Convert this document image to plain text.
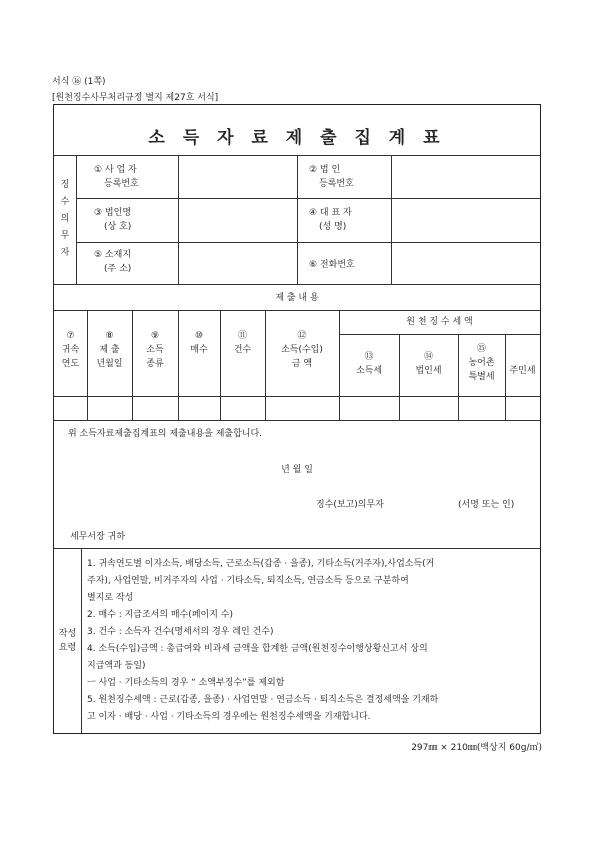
서식 ⑯ (1쪽)
[원천징수사무처리규정 별지 제27호 서식]
소 득 자 료 제 출 집 계 표
징
수
의
무
자
① 사 업 자
등록번호
② 법 인
등록번호
③ 법인명
(상 호)
④ 대 표 자
(성 명)
⑤ 소재지
(주 소)	⑥ 전화번호
제 출 내 용
원 천 징 수 세 액
⑦
귀속
연도
⑧
제 출
년월일
⑨
소득
종류
⑩
매수
⑪
건수
⑫
소득(수입)
금 액
⑬
소득세
⑭
법인세
⑮
농어촌
특별세
주민세
위 소득자료제출집계표의 제출내용을 제출합니다.
년 월 일
징수(보고)의무자	(서명 또는 인)
세무서장 귀하
작성
요령
1. 귀속연도별 이자소득, 배당소득, 근로소득(갑종 · 을종), 기타소득(거주자),사업소득(거
주자), 사업연말, 비거주자의 사업 · 기타소득, 퇴직소득, 연금소득 등으로 구분하여
별지로 작성
2. 매수 : 지급조서의 매수(페이지 수)
3. 건수 : 소득자 건수(명세서의 경우 레인 건수)
4. 소득(수입)금액 : 총급여와 비과세 금액을 합계한 금액(원천징수이행상황신고서 상의
지급액과 동일)
ㅡ 사업 · 기타소득의 경우 “ 소액부징수”를 제외함
5. 원천징수세액 : 근로(갑종, 을종) · 사업연말 · 연금소득 · 퇴직소득은 결정세액을 기재하
고 이자 · 배당 · 사업 · 기타소득의 경우에는 원천징수세액을 기재합니다.
297㎜ × 210㎜(백상지 60g/㎡)
